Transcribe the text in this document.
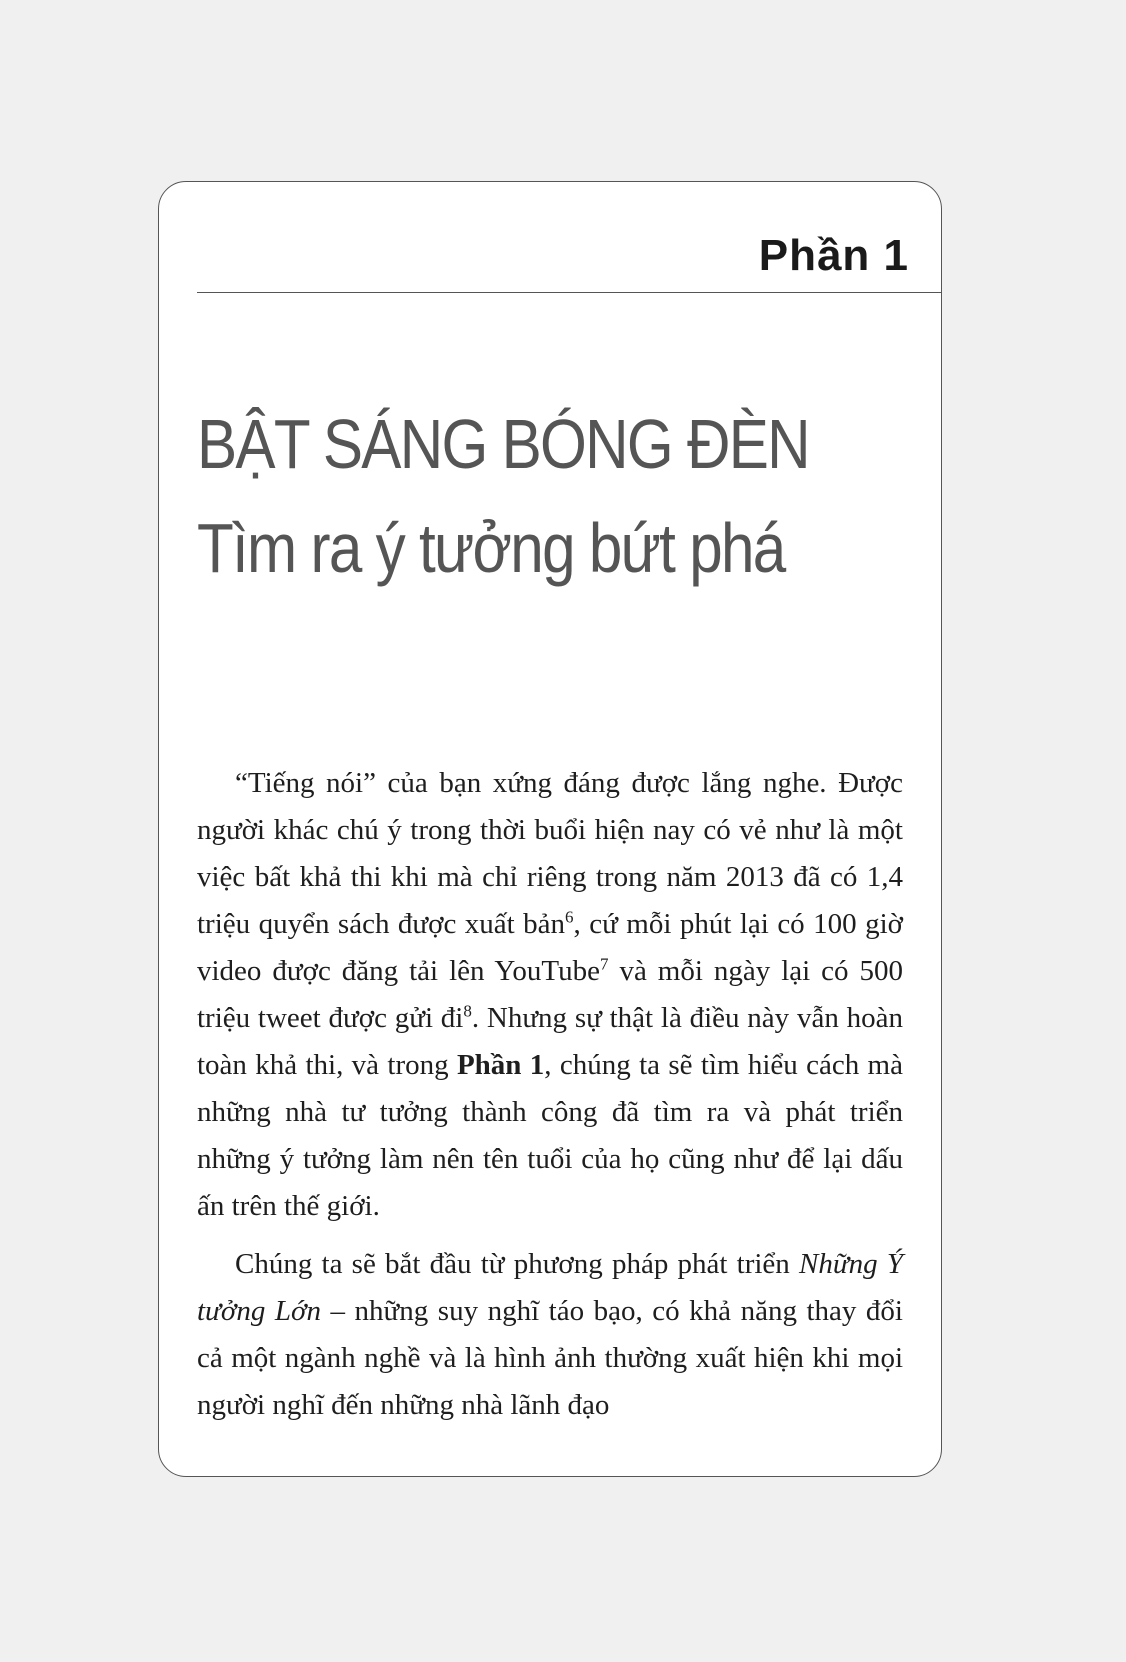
Phần 1
BẬT SÁNG BÓNG ĐÈN
Tìm ra ý tưởng bứt phá

“Tiếng nói” của bạn xứng đáng được lắng nghe. Được người khác chú ý trong thời buổi hiện nay có vẻ như là một việc bất khả thi khi mà chỉ riêng trong năm 2013 đã có 1,4 triệu quyển sách được xuất bản$^6$, cứ mỗi phút lại có 100 giờ video được đăng tải lên YouTube$^7$ và mỗi ngày lại có 500 triệu tweet được gửi $đi^8$. Nhưng sự thật là điều này vẫn hoàn toàn khả thi, và trong Phần 1, chúng ta sẽ tìm hiểu cách mà những nhà tư tưởng thành công đã tìm ra và phát triển những ý tưởng làm nên tên tuổi của họ cũng như để lại dấu ấn trên thế giới.

Chúng ta sẽ bắt đầu từ phương pháp phát triển Những Ý tưởng Lớn – những suy nghĩ táo bạo, có khả năng thay đổi cả một ngành nghề và là hình ảnh thường xuất hiện khi mọi người nghĩ đến những nhà lãnh đạo
